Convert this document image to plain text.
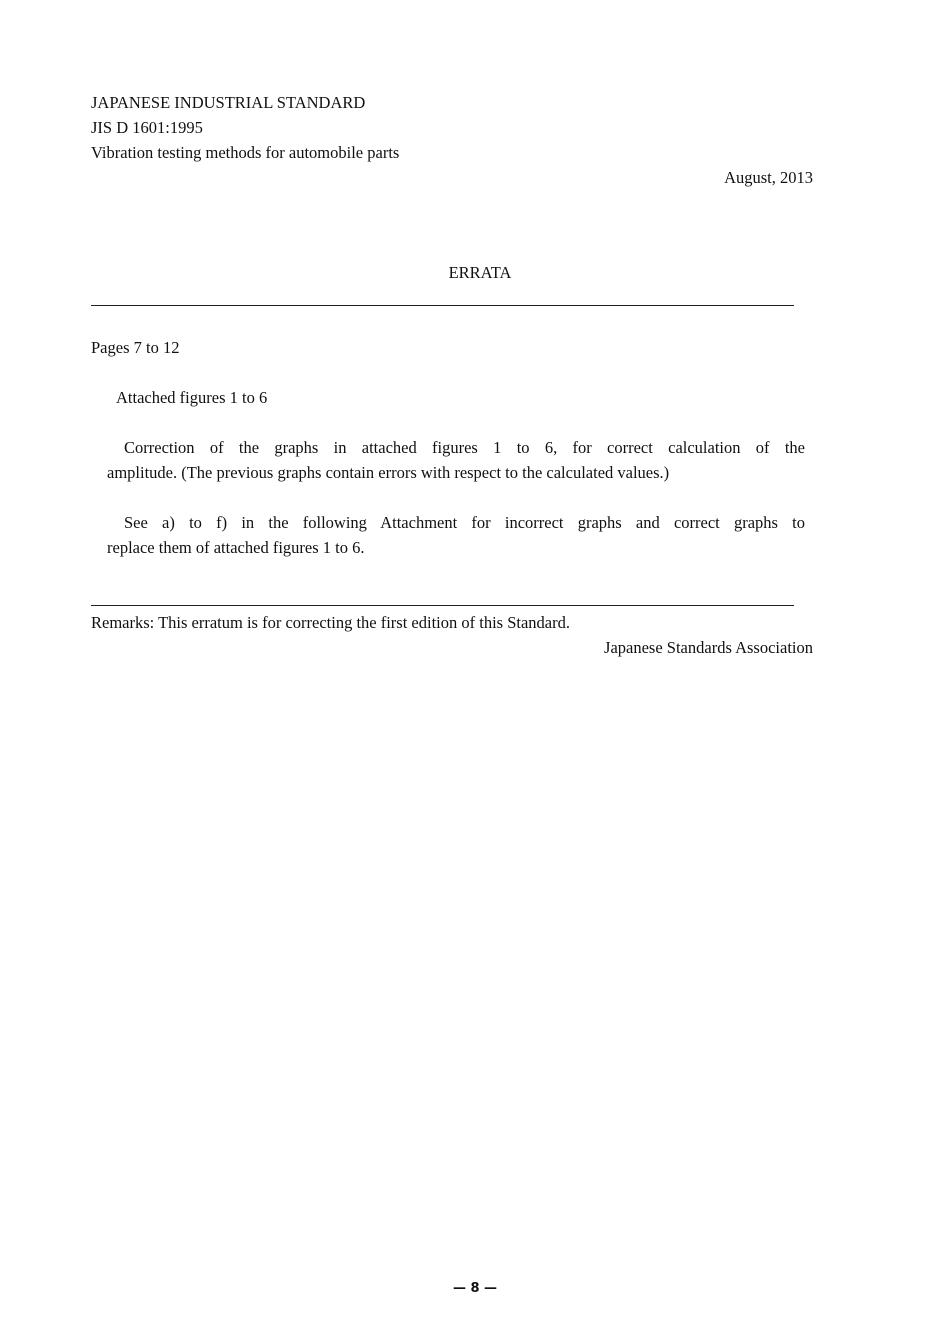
JAPANESE INDUSTRIAL STANDARD
JIS D 1601:1995
Vibration testing methods for automobile parts
August, 2013
ERRATA
Pages 7 to 12
Attached figures 1 to 6
Correction of the graphs in attached figures 1 to 6, for correct calculation of the
amplitude. (The previous graphs contain errors with respect to the calculated values.)
See a) to f) in the following Attachment for incorrect graphs and correct graphs to
replace them of attached figures 1 to 6.
Remarks: This erratum is for correcting the first edition of this Standard.
Japanese Standards Association
— 8 —
